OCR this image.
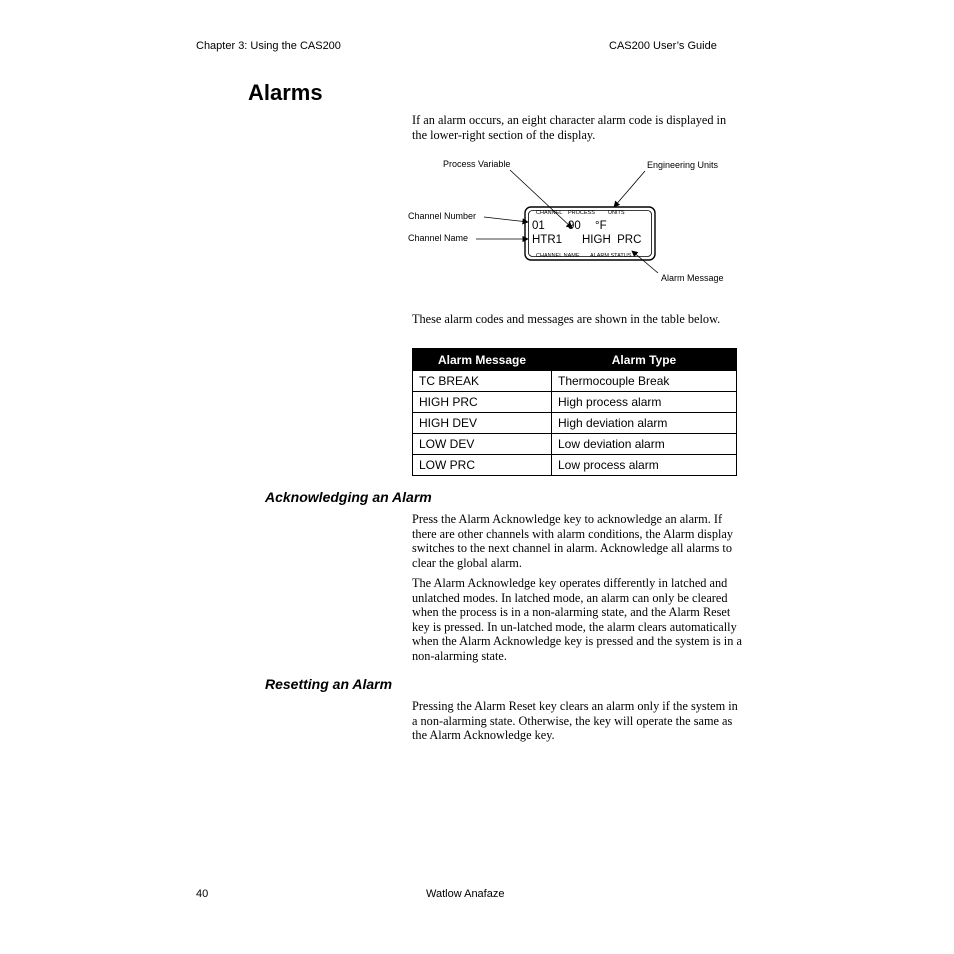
Chapter 3: Using the CAS200	CAS200 User’s Guide
Alarms

If an alarm occurs, an eight character alarm code is displayed in the lower-right section of the display.

Process Variable	Engineering Units
Channel Number
Channel Name
Alarm Message
CHANNEL PROCESS UNITS
01 90 °F
HTR1 HIGH  PRC
CHANNEL NAME ALARM STATUS

These alarm codes and messages are shown in the table below.

Alarm Message	Alarm Type
TC BREAK	Thermocouple Break
HIGH PRC	High process alarm
HIGH DEV	High deviation alarm
LOW DEV	Low deviation alarm
LOW PRC	Low process alarm
Acknowledging an Alarm

Press the Alarm Acknowledge key to acknowledge an alarm. If there are other channels with alarm conditions, the Alarm display switches to the next channel in alarm. Acknowledge all alarms to clear the global alarm.

The Alarm Acknowledge key operates differently in latched and unlatched modes. In latched mode, an alarm can only be cleared when the process is in a non-alarming state, and the Alarm Reset key is pressed. In un-latched mode, the alarm clears automatically when the Alarm Acknowledge key is pressed and the system is in a non-alarming state.

Resetting an Alarm

Pressing the Alarm Reset key clears an alarm only if the system in a non-alarming state. Otherwise, the key will operate the same as the Alarm Acknowledge key.

40	Watlow Anafaze
